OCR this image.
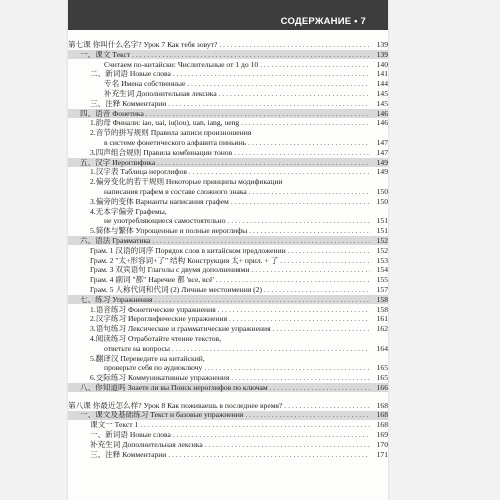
СОДЕРЖАНИЕ • 7
第七课 你叫什么名字? Урок 7 Как тебя зовут? . . .	139
一、课文 Текст . . .	139
Считаем по-китайски: Числительные от 1 до 10 . . .	140
二、新词语 Новые слова . . .	141
专名 Имена собственные . . .	144
补充生词 Дополнительная лексика . . .	145
三、注释 Комментарии . . .	145
四、语音 Фонетика . . .	146
1.韵母 Финали: iao, uai, iu(iou), uan, iang, ueng . . .	146
2.音节的拼写规则 Правила записи произношения
в системе фонетического алфавита пиньинь . . .	147
3.四声组合规则 Правила комбинации тонов . . .	147
五、汉字 Иероглифика . . .	149
1.汉字表 Таблица иероглифов . . .	149
2.偏旁变化的若干规则 Некоторые принципы модификации
написания графем в составе сложного знака . . .	150
3.偏旁的变体 Варианты написания графем . . .	150
4.无本字偏旁 Графемы,
не употребляющиеся самостоятельно . . .	151
5.简体与繁体 Упрощенные и полные иероглифы . . .	151
六、语法 Грамматика . . .	152
Грам. 1 汉语的词序 Порядок слов в китайском предложении . . .	152
Грам. 2 "太+形容词+了" 结构 Конструкция 太+ прил. + 了 . . .	153
Грам. 3 双宾语句 Глаголы с двумя дополнениями . . .	154
Грам. 4 副词 "都" Наречие 都 'все, всё' . . .	155
Грам. 5 人称代词和代词 (2) Личные местоимения (2) . . .	157
七、练习 Упражнения . . .	158
1.语音练习 Фонетические упражнения . . .	158
2.汉字练习 Иероглифические упражнения . . .	161
3.语句练习 Лексические и грамматические упражнения . . .	162
4.阅读练习 Отработайте чтение текстов,
ответьте на вопросы . . .	164
5.翻译汉 Переведите на китайский,
проверьте себя по аудиоключу . . .	165
6.交际练习 Коммуникативные упражнения . . .	165
八、你知道吗 Знаете ли вы Поиск иероглифов по ключам . . .	166
第八课 你最近怎么样? Урок 8 Как поживаешь в последнее время? . . .	168
一、课文及基础练习 Текст и базовые упражнения . . .	168
课文一 Текст 1 . . .	168
一、新词语 Новые слова . . .	169
补充生词 Дополнительная лексика . . .	170
三、注释 Комментарии . . .	171
